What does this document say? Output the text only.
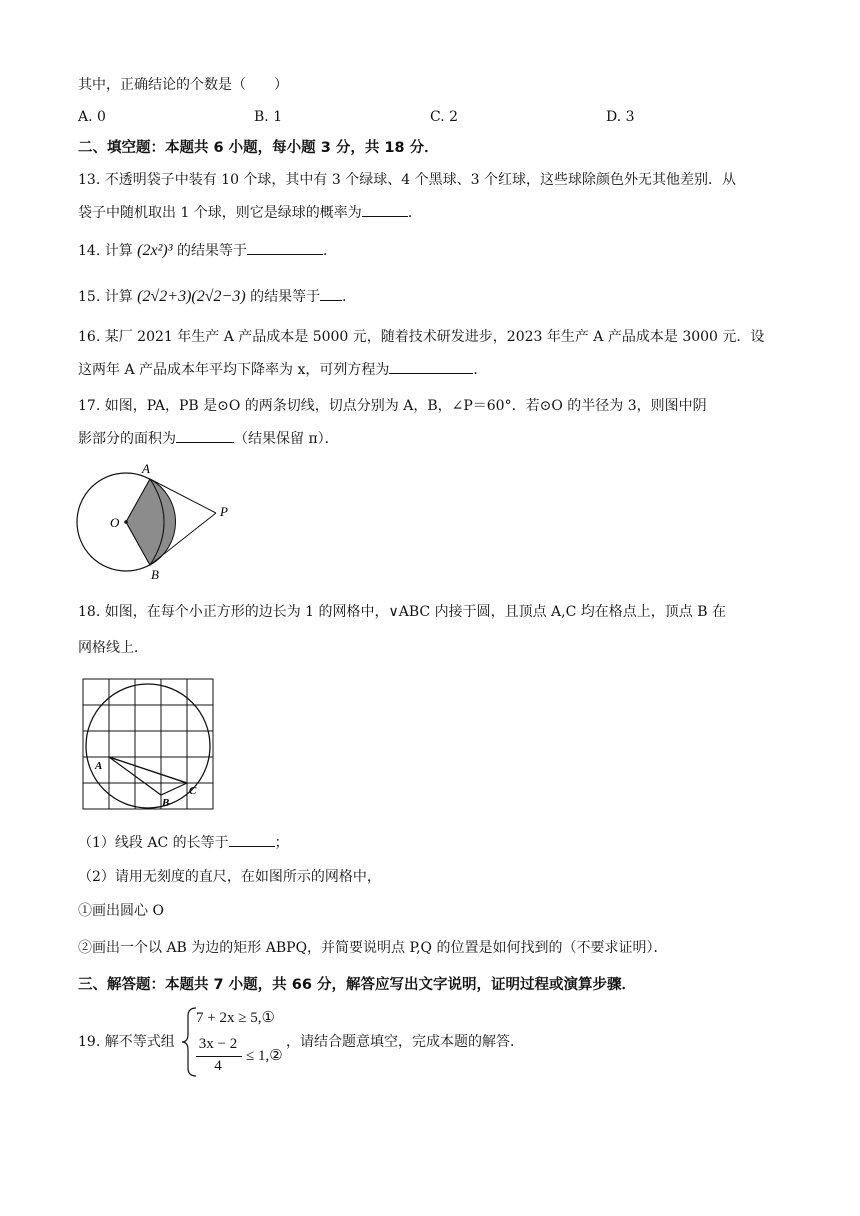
其中，正确结论的个数是（　　）
A. 0	B. 1	C. 2	D. 3
二、填空题：本题共 6 小题，每小题 3 分，共 18 分．
13. 不透明袋子中装有 10 个球，其中有 3 个绿球、4 个黑球、3 个红球，这些球除颜色外无其他差别．从
袋子中随机取出 1 个球，则它是绿球的概率为	．
14. 计算 (2x²)³ 的结果等于	．
15. 计算 (2√2+3)(2√2−3) 的结果等于 ．
16. 某厂 2021 年生产 A 产品成本是 5000 元，随着技术研发进步，2023 年生产 A 产品成本是 3000 元．设
这两年 A 产品成本年平均下降率为 x，可列方程为	．
17. 如图，PA，PB 是⊙O 的两条切线，切点分别为 A，B，∠P＝60°．若⊙O 的半径为 3，则图中阴
影部分的面积为	（结果保留 π）．
A
O
P
B
18. 如图，在每个小正方形的边长为 1 的网格中，∨ABC 内接于圆，且顶点 A,C 均在格点上，顶点 B 在
网格线上．
A
B
C
（1）线段 AC 的长等于	；
（2）请用无刻度的直尺，在如图所示的网格中，
①画出圆心 O
②画出一个以 AB 为边的矩形 ABPQ，并简要说明点 P,Q 的位置是如何找到的（不要求证明）．
三、解答题：本题共 7 小题，共 66 分，解答应写出文字说明，证明过程或演算步骤．
19. 解不等式组
7 + 2x ≥ 5,①
3x − 2
4
≤ 1,②
，请结合题意填空，完成本题的解答．
